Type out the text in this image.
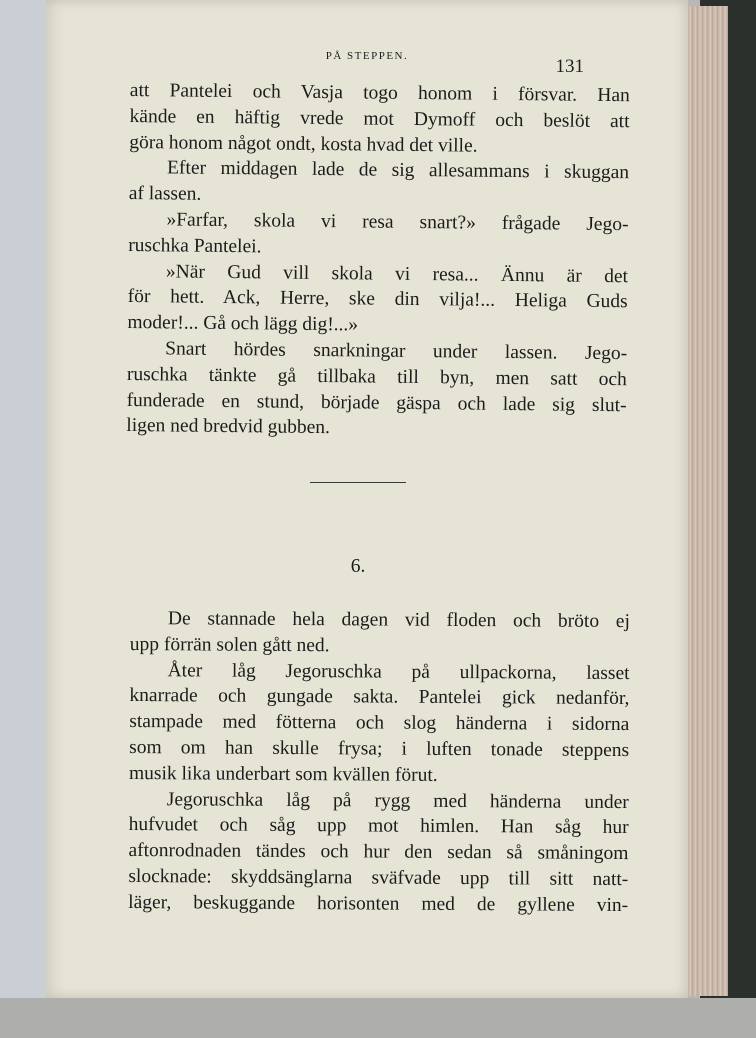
PÅ STEPPEN.	131
att Pantelei och Vasja togo honom i försvar. Han
kände en häftig vrede mot Dymoff och beslöt att
göra honom något ondt, kosta hvad det ville.
Efter middagen lade de sig allesammans i skuggan
af lassen.
»Farfar, skola vi resa snart?» frågade Jego-
ruschka Pantelei.
»När Gud vill skola vi resa... Ännu är det
för hett. Ack, Herre, ske din vilja!... Heliga Guds
moder!... Gå och lägg dig!...»
Snart hördes snarkningar under lassen. Jego-
ruschka tänkte gå tillbaka till byn, men satt och
funderade en stund, började gäspa och lade sig slut-
ligen ned bredvid gubben.
6.
De stannade hela dagen vid floden och bröto ej
upp förrän solen gått ned.
Åter låg Jegoruschka på ullpackorna, lasset
knarrade och gungade sakta. Pantelei gick nedanför,
stampade med fötterna och slog händerna i sidorna
som om han skulle frysa; i luften tonade steppens
musik lika underbart som kvällen förut.
Jegoruschka låg på rygg med händerna under
hufvudet och såg upp mot himlen. Han såg hur
aftonrodnaden tändes och hur den sedan så småningom
slocknade: skyddsänglarna sväfvade upp till sitt natt-
läger, beskuggande horisonten med de gyllene vin-
